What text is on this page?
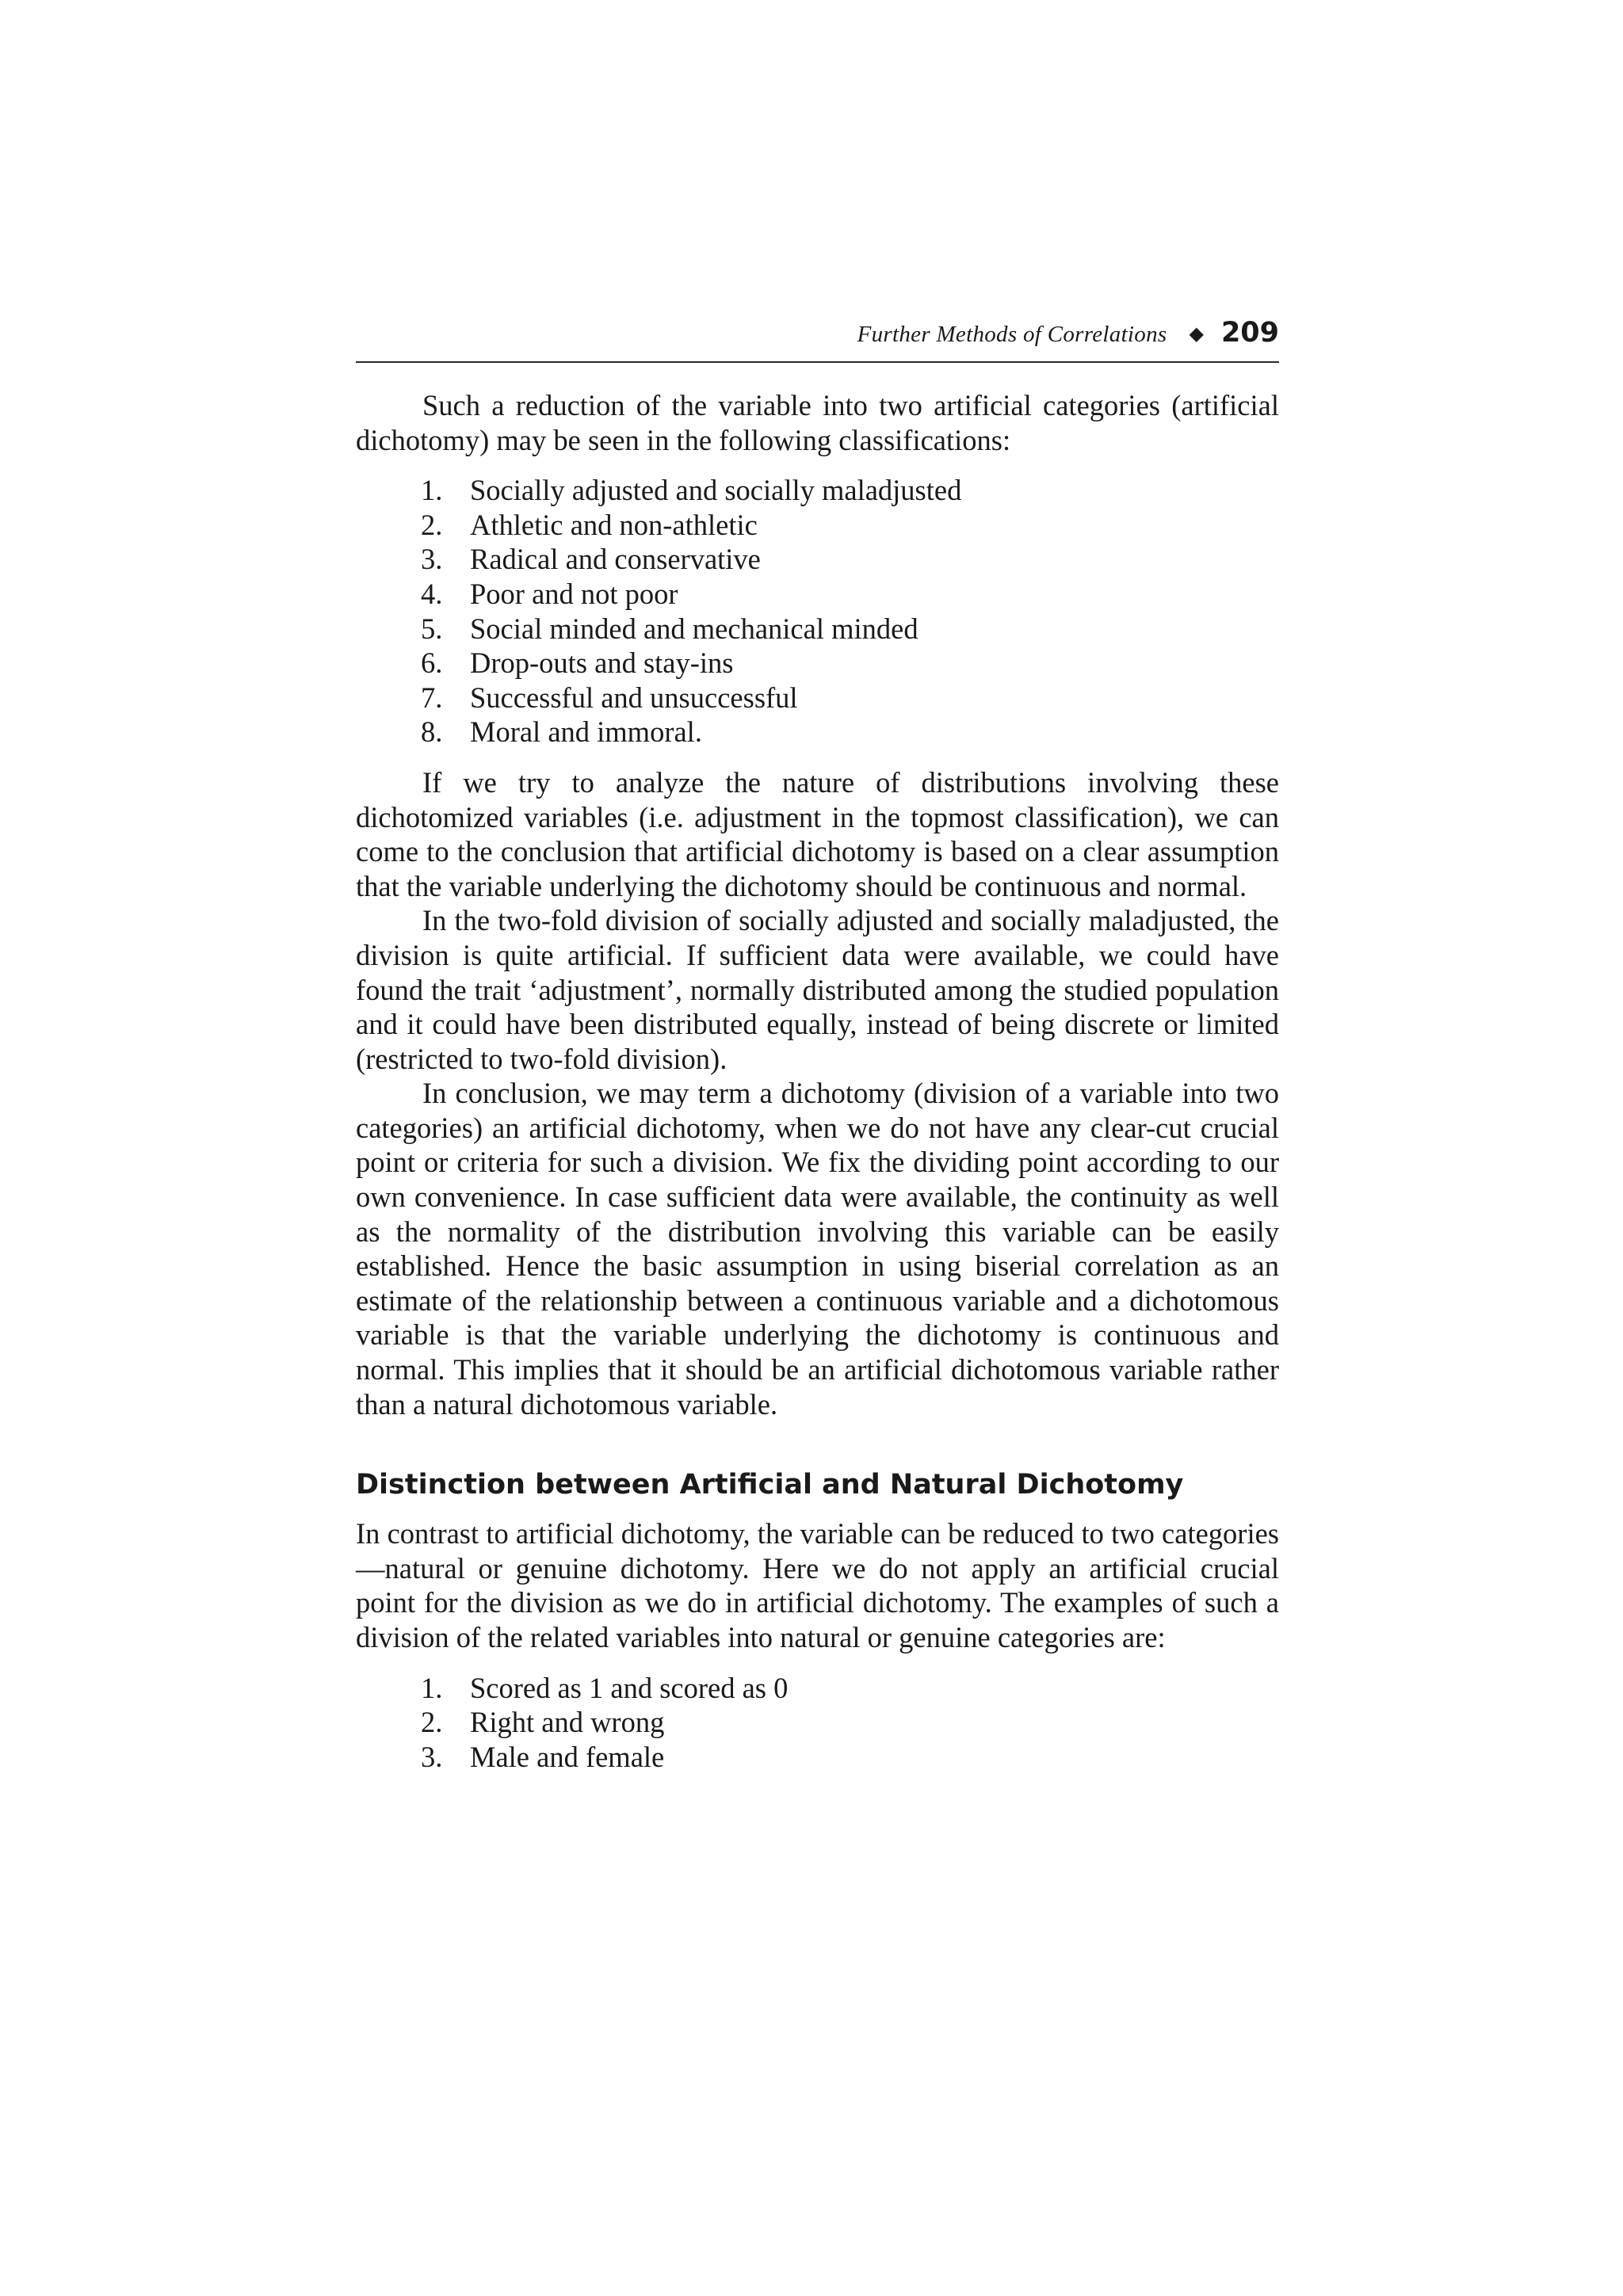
Further Methods of Correlations ◆ 209

Such a reduction of the variable into two artificial categories (artificial dichotomy) may be seen in the following classifications:

1. Socially adjusted and socially maladjusted
2. Athletic and non-athletic
3. Radical and conservative
4. Poor and not poor
5. Social minded and mechanical minded
6. Drop-outs and stay-ins
7. Successful and unsuccessful
8. Moral and immoral.

If we try to analyze the nature of distributions involving these dichotomized variables (i.e. adjustment in the topmost classification), we can come to the conclusion that artificial dichotomy is based on a clear assumption that the variable underlying the dichotomy should be continuous and normal.

In the two-fold division of socially adjusted and socially maladjusted, the division is quite artificial. If sufficient data were available, we could have found the trait ‘adjustment’, normally distributed among the studied population and it could have been distributed equally, instead of being discrete or limited (restricted to two-fold division).

In conclusion, we may term a dichotomy (division of a variable into two categories) an artificial dichotomy, when we do not have any clear-cut crucial point or criteria for such a division. We fix the dividing point according to our own convenience. In case sufficient data were available, the continuity as well as the normality of the distribution involving this variable can be easily established. Hence the basic assumption in using biserial correlation as an estimate of the relationship between a continuous variable and a dichotomous variable is that the variable underlying the dichotomy is continuous and normal. This implies that it should be an artificial dichotomous variable rather than a natural dichotomous variable.

Distinction between Artificial and Natural Dichotomy

In contrast to artificial dichotomy, the variable can be reduced to two categories—natural or genuine dichotomy. Here we do not apply an artificial crucial point for the division as we do in artificial dichotomy. The examples of such a division of the related variables into natural or genuine categories are:

1. Scored as 1 and scored as 0
2. Right and wrong
3. Male and female
